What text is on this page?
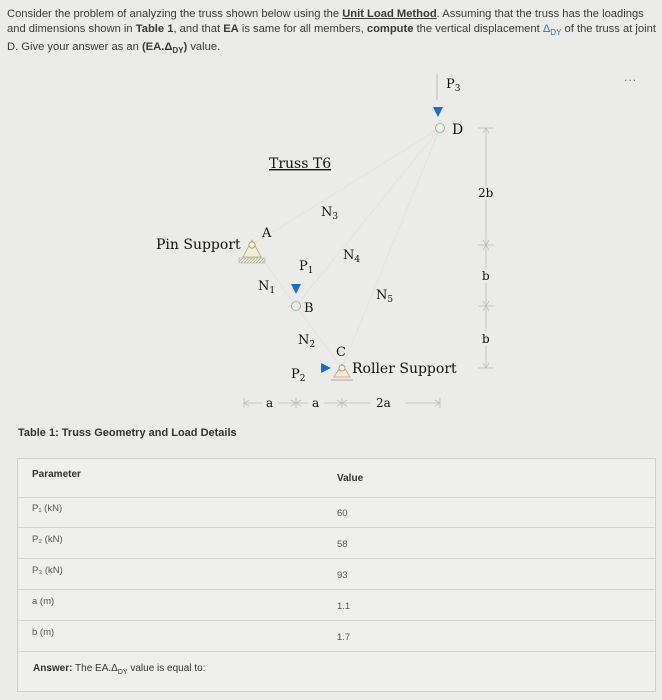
Consider the problem of analyzing the truss shown below using the Unit Load Method. Assuming that the truss has the loadings and dimensions shown in Table 1, and that EA is same for all members, compute the vertical displacement $\Delta_{DY}$ of the truss at joint D. Give your answer as an $(EA.\Delta_{DY})$ value.
...
Truss T6
A
Pin Support
B
D
C
Roller Support
$N_3$
$N_4$
$N_5$
$N_1$
$N_2$
$P_1$
$P_2$
$P_3$
a	a	2a
2b
b
b
Table 1: Truss Geometry and Load Details
Parameter	Value
P₁ (kN)	60
P₂ (kN)	58
P₃ (kN)	93
a (m)	1.1
b (m)	1.7
Answer: The $EA.\Delta_{DY}$ value is equal to:
